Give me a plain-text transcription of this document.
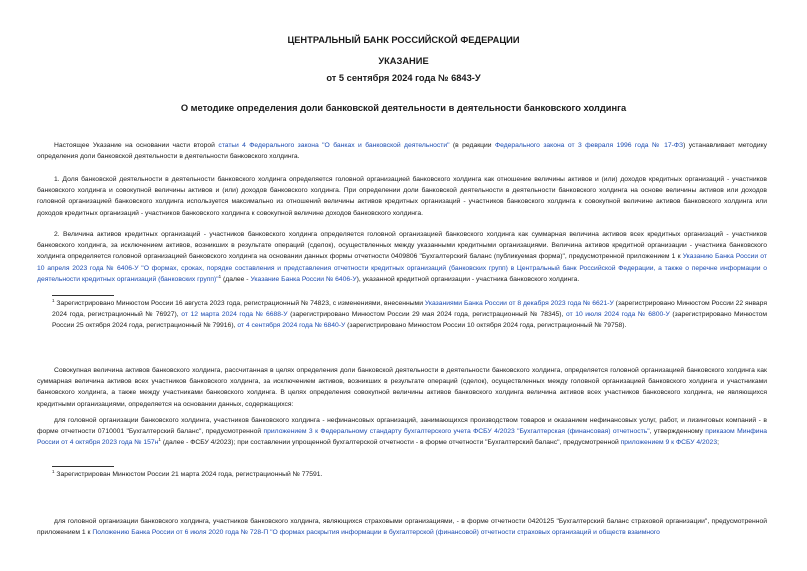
ЦЕНТРАЛЬНЫЙ БАНК РОССИЙСКОЙ ФЕДЕРАЦИИ
УКАЗАНИЕ
от 5 сентября 2024 года № 6843-У
О методике определения доли банковской деятельности в деятельности банковского холдинга

Настоящее Указание на основании части второй статьи 4 Федерального закона "О банках и банковской деятельности" (в редакции Федерального закона от 3 февраля 1996 года № 17-ФЗ) устанавливает методику определения доли банковской деятельности в деятельности банковского холдинга.

1. Доля банковской деятельности в деятельности банковского холдинга определяется головной организацией банковского холдинга как отношение величины активов и (или) доходов кредитных организаций - участников банковского холдинга и совокупной величины активов и (или) доходов банковского холдинга. При определении доли банковской деятельности в деятельности банковского холдинга на основе величины активов или доходов головной организацией банковского холдинга используется максимально из отношений величины активов кредитных организаций - участников банковского холдинга к совокупной величине активов банковского холдинга или доходов кредитных организаций - участников банковского холдинга к совокупной величине доходов банковского холдинга.

2. Величина активов кредитных организаций - участников банковского холдинга определяется головной организацией банковского холдинга как суммарная величина активов всех кредитных организаций - участников банковского холдинга, за исключением активов, возникших в результате операций (сделок), осуществленных между указанными кредитными организациями. Величина активов кредитной организации - участника банковского холдинга определяется головной организацией банковского холдинга на основании данных формы отчетности 0409806 "Бухгалтерский баланс (публикуемая форма)", предусмотренной приложением 1 к Указанию Банка России от 10 апреля 2023 года № 6406-У "О формах, сроках, порядке составления и представления отчетности кредитных организаций (банковских групп) в Центральный банк Российской Федерации, а также о перечне информации о деятельности кредитных организаций (банковских групп)"$^1$ (далее - Указание Банка России № 6406-У), указанной кредитной организации - участника банковского холдинга.

$^1$ Зарегистрировано Минюстом России 16 августа 2023 года, регистрационный № 74823, с изменениями, внесенными Указаниями Банка России от 8 декабря 2023 года № 6621-У (зарегистрировано Минюстом России 22 января 2024 года, регистрационный № 76927), от 12 марта 2024 года № 6688-У (зарегистрировано Минюстом России 29 мая 2024 года, регистрационный № 78345), от 10 июля 2024 года № 6800-У (зарегистрировано Минюстом России 25 октября 2024 года, регистрационный № 79916), от 4 сентября 2024 года № 6840-У (зарегистрировано Минюстом России 10 октября 2024 года, регистрационный № 79758).

Совокупная величина активов банковского холдинга, рассчитанная в целях определения доли банковской деятельности в деятельности банковского холдинга, определяется головной организацией банковского холдинга как суммарная величина активов всех участников банковского холдинга, за исключением активов, возникших в результате операций (сделок), осуществленных между головной организацией банковского холдинга и участниками банковского холдинга, а также между участниками банковского холдинга. В целях определения совокупной величины активов банковского холдинга величина активов всех участников банковского холдинга, не являющихся кредитными организациями, определяется на основании данных, содержащихся:

для головной организации банковского холдинга, участников банковского холдинга - нефинансовых организаций, занимающихся производством товаров и оказанием нефинансовых услуг, работ, и лизинговых компаний - в форме отчетности 0710001 "Бухгалтерский баланс", предусмотренной приложением 3 к Федеральному стандарту бухгалтерского учета ФСБУ 4/2023 "Бухгалтерская (финансовая) отчетность", утвержденному приказом Минфина России от 4 октября 2023 года № $157н^1$ (далее - ФСБУ 4/2023); при составлении упрощенной бухгалтерской отчетности - в форме отчетности "Бухгалтерский баланс", предусмотренной приложением 9 к ФСБУ 4/2023;

$^1$ Зарегистрирован Минюстом России 21 марта 2024 года, регистрационный № 77591.

для головной организации банковского холдинга, участников банковского холдинга, являющихся страховыми организациями, - в форме отчетности 0420125 "Бухгалтерский баланс страховой организации", предусмотренной приложением 1 к Положению Банка России от 6 июля 2020 года № 728-П "О формах раскрытия информации в бухгалтерской (финансовой) отчетности страховых организаций и обществ взаимного
